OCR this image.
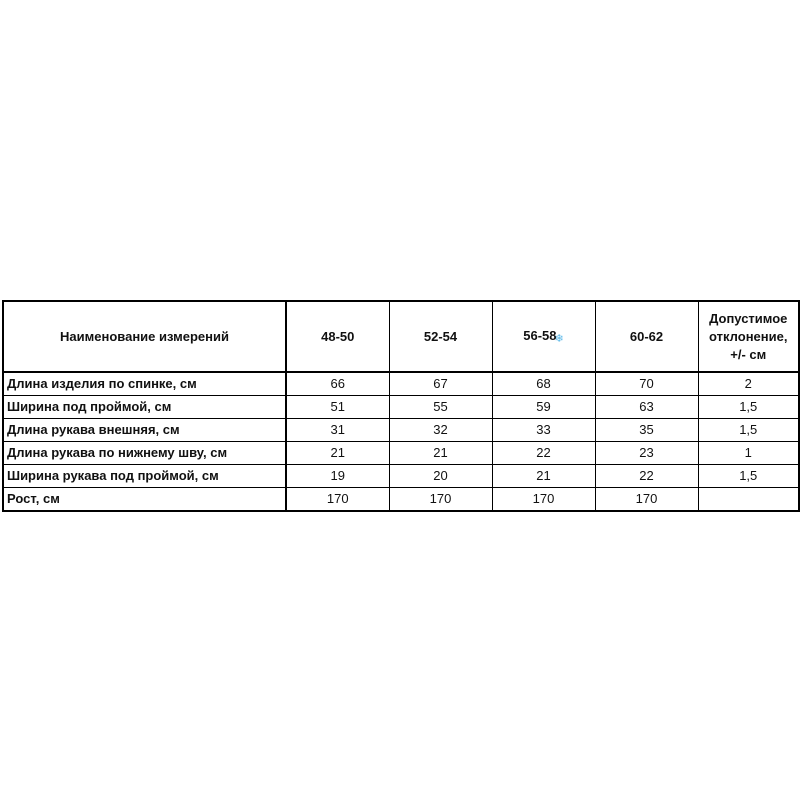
Наименование измерений	48-50	52-54	56-58❄	60-62	Допустимое
отклонение,
+/- см

Длина изделия по спинке, см	66	67	68	70	2
Ширина под проймой, см	51	55	59	63	1,5
Длина рукава внешняя, см	31	32	33	35	1,5
Длина рукава по нижнему шву, см	21	21	22	23	1
Ширина рукава под проймой, см	19	20	21	22	1,5
Рост, см	170	170	170	170	
